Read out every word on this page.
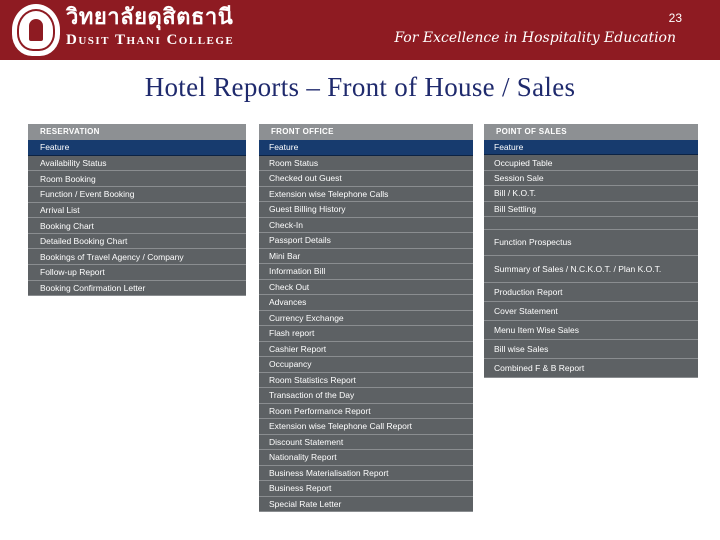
วิทยาลัยดุสิตธานี
Dusit Thani College
23
For Excellence in Hospitality Education
Hotel Reports – Front of House / Sales
RESERVATION
Feature
Availability Status
Room Booking
Function / Event Booking
Arrival List
Booking Chart
Detailed Booking Chart
Bookings of Travel Agency / Company
Follow-up Report
Booking Confirmation Letter
FRONT OFFICE
Feature
Room Status
Checked out Guest
Extension wise Telephone Calls
Guest Billing History
Check-In
Passport Details
Mini Bar
Information Bill
Check Out
Advances
Currency Exchange
Flash report
Cashier Report
Occupancy
Room Statistics Report
Transaction of the Day
Room Performance Report
Extension wise Telephone Call Report
Discount Statement
Nationality Report
Business Materialisation Report
Business Report
Special Rate Letter
POINT OF SALES
Feature
Occupied Table
Session Sale
Bill / K.O.T.
Bill Settling
Function Prospectus
Summary of Sales / N.C.K.O.T. / Plan K.O.T.
Production Report
Cover Statement
Menu Item Wise Sales
Bill wise Sales
Combined F & B Report
